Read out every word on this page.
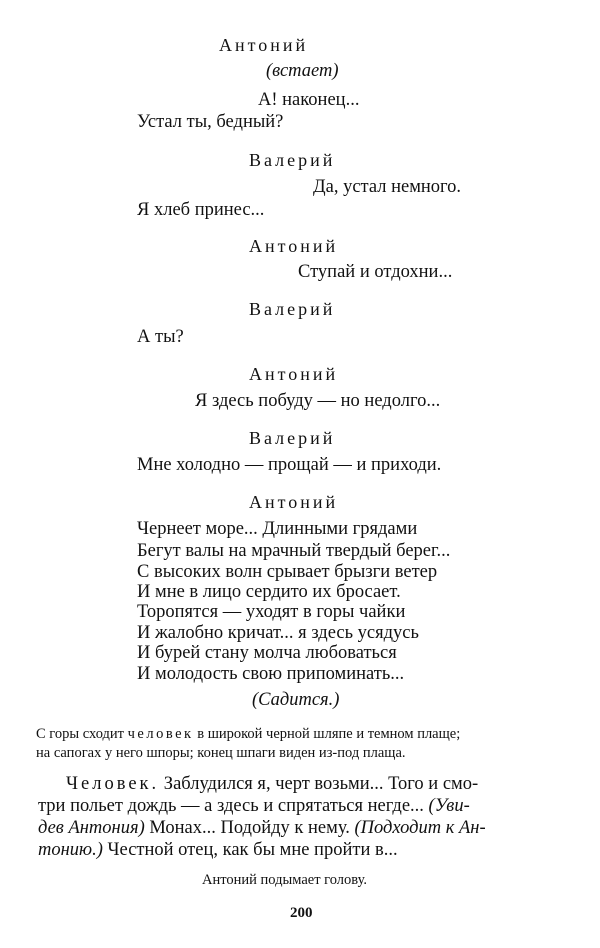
Антоний
(встает)
А! наконец...
Устал ты, бедный?
Валерий
Да, устал немного.
Я хлеб принес...
Антоний
Ступай и отдохни...
Валерий
А ты?
Антоний
Я здесь побуду — но недолго...
Валерий
Мне холодно — прощай — и приходи.
Антоний
Чернеет море... Длинными грядами
Бегут валы на мрачный твердый берег...
С высоких волн срывает брызги ветер
И мне в лицо сердито их бросает.
Торопятся — уходят в горы чайки
И жалобно кричат... я здесь усядусь
И бурей стану молча любоваться
И молодость свою припоминать...
(Садится.)
С горы сходит человек в широкой черной шляпе и темном плаще;
на сапогах у него шпоры; конец шпаги виден из-под плаща.
Человек. Заблудился я, черт возьми... Того и смо-
три польет дождь — а здесь и спрятаться негде... (Уви-
дев Антония) Монах... Подойду к нему. (Подходит к Ан-
тонию.) Честной отец, как бы мне пройти в...
Антоний подымает голову.
200
